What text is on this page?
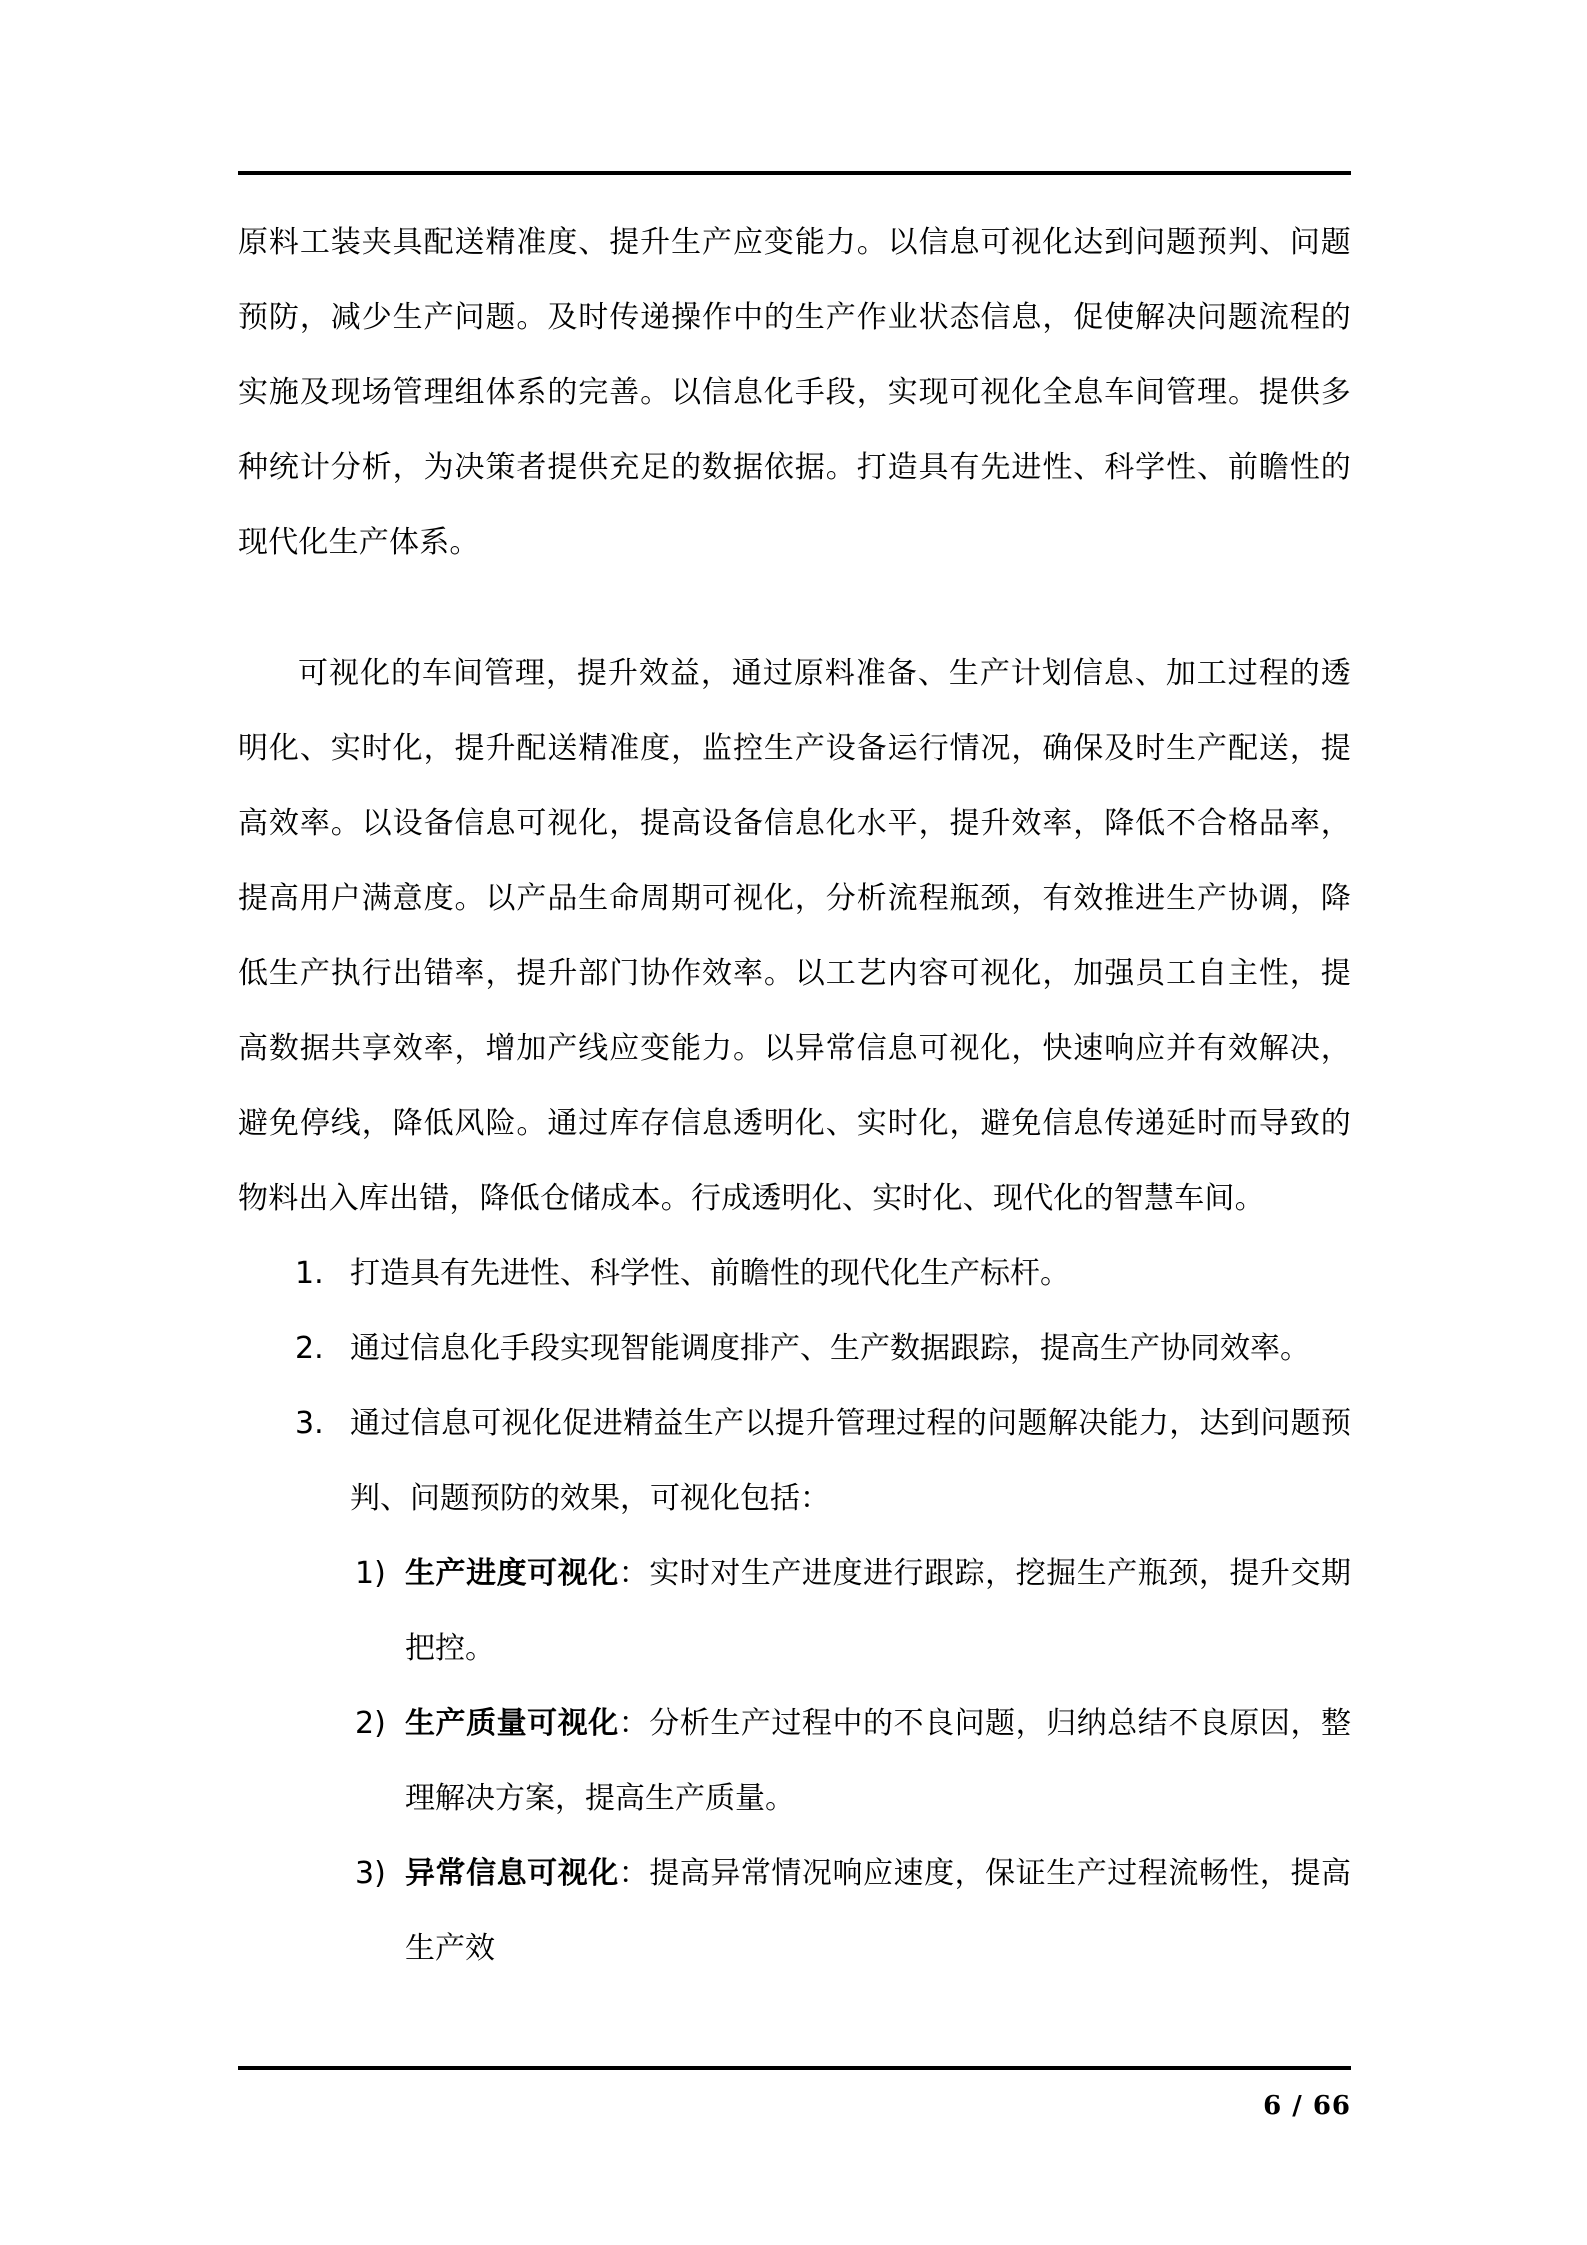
原料工装夹具配送精准度、提升生产应变能力。以信息可视化达到问题预判、问题预防，减少生产问题。及时传递操作中的生产作业状态信息，促使解决问题流程的实施及现场管理组体系的完善。以信息化手段，实现可视化全息车间管理。提供多种统计分析，为决策者提供充足的数据依据。打造具有先进性、科学性、前瞻性的现代化生产体系。

可视化的车间管理，提升效益，通过原料准备、生产计划信息、加工过程的透明化、实时化，提升配送精准度，监控生产设备运行情况，确保及时生产配送，提高效率。以设备信息可视化，提高设备信息化水平，提升效率，降低不合格品率，提高用户满意度。以产品生命周期可视化，分析流程瓶颈，有效推进生产协调，降低生产执行出错率，提升部门协作效率。以工艺内容可视化，加强员工自主性，提高数据共享效率，增加产线应变能力。以异常信息可视化，快速响应并有效解决，避免停线，降低风险。通过库存信息透明化、实时化，避免信息传递延时而导致的物料出入库出错，降低仓储成本。行成透明化、实时化、现代化的智慧车间。

1. 打造具有先进性、科学性、前瞻性的现代化生产标杆。
2. 通过信息化手段实现智能调度排产、生产数据跟踪，提高生产协同效率。
3. 通过信息可视化促进精益生产以提升管理过程的问题解决能力，达到问题预判、问题预防的效果，可视化包括：
1) 生产进度可视化：实时对生产进度进行跟踪，挖掘生产瓶颈，提升交期把控。
2) 生产质量可视化：分析生产过程中的不良问题，归纳总结不良原因，整理解决方案，提高生产质量。
3) 异常信息可视化：提高异常情况响应速度，保证生产过程流畅性，提高生产效
6 / 66
